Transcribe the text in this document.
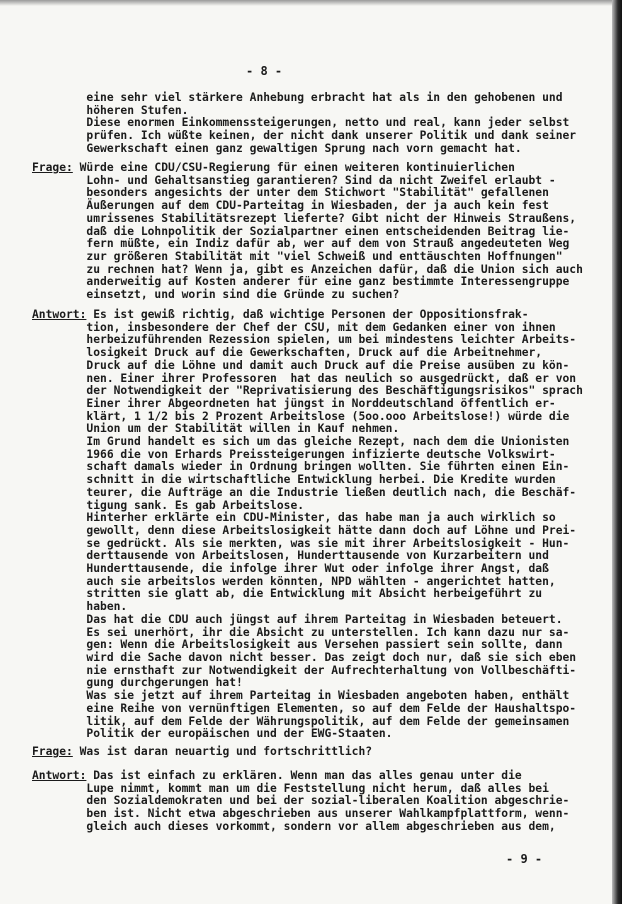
- 8 -
eine sehr viel stärkere Anhebung erbracht hat als in den gehobenen und
höheren Stufen.
Diese enormen Einkommenssteigerungen, netto und real, kann jeder selbst
prüfen. Ich wüßte keinen, der nicht dank unserer Politik und dank seiner
Gewerkschaft einen ganz gewaltigen Sprung nach vorn gemacht hat.
Frage: Würde eine CDU/CSU-Regierung für einen weiteren kontinuierlichen
Lohn- und Gehaltsanstieg garantieren? Sind da nicht Zweifel erlaubt -
besonders angesichts der unter dem Stichwort "Stabilität" gefallenen
Äußerungen auf dem CDU-Parteitag in Wiesbaden, der ja auch kein fest
umrissenes Stabilitätsrezept lieferte? Gibt nicht der Hinweis Straußens,
daß die Lohnpolitik der Sozialpartner einen entscheidenden Beitrag lie-
fern müßte, ein Indiz dafür ab, wer auf dem von Strauß angedeuteten Weg
zur größeren Stabilität mit "viel Schweiß und enttäuschten Hoffnungen"
zu rechnen hat? Wenn ja, gibt es Anzeichen dafür, daß die Union sich auch
anderweitig auf Kosten anderer für eine ganz bestimmte Interessengruppe
einsetzt, und worin sind die Gründe zu suchen?
Antwort: Es ist gewiß richtig, daß wichtige Personen der Oppositionsfrak-
tion, insbesondere der Chef der CSU, mit dem Gedanken einer von ihnen
herbeizuführenden Rezession spielen, um bei mindestens leichter Arbeits-
losigkeit Druck auf die Gewerkschaften, Druck auf die Arbeitnehmer,
Druck auf die Löhne und damit auch Druck auf die Preise ausüben zu kön-
nen. Einer ihrer Professoren  hat das neulich so ausgedrückt, daß er von
der Notwendigkeit der "Reprivatisierung des Beschäftigungsrisikos" sprach
Einer ihrer Abgeordneten hat jüngst in Norddeutschland öffentlich er-
klärt, 1 1/2 bis 2 Prozent Arbeitslose (5oo.ooo Arbeitslose!) würde die
Union um der Stabilität willen in Kauf nehmen.
Im Grund handelt es sich um das gleiche Rezept, nach dem die Unionisten
1966 die von Erhards Preissteigerungen infizierte deutsche Volkswirt-
schaft damals wieder in Ordnung bringen wollten. Sie führten einen Ein-
schnitt in die wirtschaftliche Entwicklung herbei. Die Kredite wurden
teurer, die Aufträge an die Industrie ließen deutlich nach, die Beschäf-
tigung sank. Es gab Arbeitslose.
Hinterher erklärte ein CDU-Minister, das habe man ja auch wirklich so
gewollt, denn diese Arbeitslosigkeit hätte dann doch auf Löhne und Prei-
se gedrückt. Als sie merkten, was sie mit ihrer Arbeitslosigkeit - Hun-
derttausende von Arbeitslosen, Hunderttausende von Kurzarbeitern und
Hunderttausende, die infolge ihrer Wut oder infolge ihrer Angst, daß
auch sie arbeitslos werden könnten, NPD wählten - angerichtet hatten,
stritten sie glatt ab, die Entwicklung mit Absicht herbeigeführt zu
haben.
Das hat die CDU auch jüngst auf ihrem Parteitag in Wiesbaden beteuert.
Es sei unerhört, ihr die Absicht zu unterstellen. Ich kann dazu nur sa-
gen: Wenn die Arbeitslosigkeit aus Versehen passiert sein sollte, dann
wird die Sache davon nicht besser. Das zeigt doch nur, daß sie sich eben
nie ernsthaft zur Notwendigkeit der Aufrechterhaltung von Vollbeschäfti-
gung durchgerungen hat!
Was sie jetzt auf ihrem Parteitag in Wiesbaden angeboten haben, enthält
eine Reihe von vernünftigen Elementen, so auf dem Felde der Haushaltspo-
litik, auf dem Felde der Währungspolitik, auf dem Felde der gemeinsamen
Politik der europäischen und der EWG-Staaten.
Frage: Was ist daran neuartig und fortschrittlich?
Antwort: Das ist einfach zu erklären. Wenn man das alles genau unter die
Lupe nimmt, kommt man um die Feststellung nicht herum, daß alles bei
den Sozialdemokraten und bei der sozial-liberalen Koalition abgeschrie-
ben ist. Nicht etwa abgeschrieben aus unserer Wahlkampfplattform, wenn-
gleich auch dieses vorkommt, sondern vor allem abgeschrieben aus dem,
- 9 -
